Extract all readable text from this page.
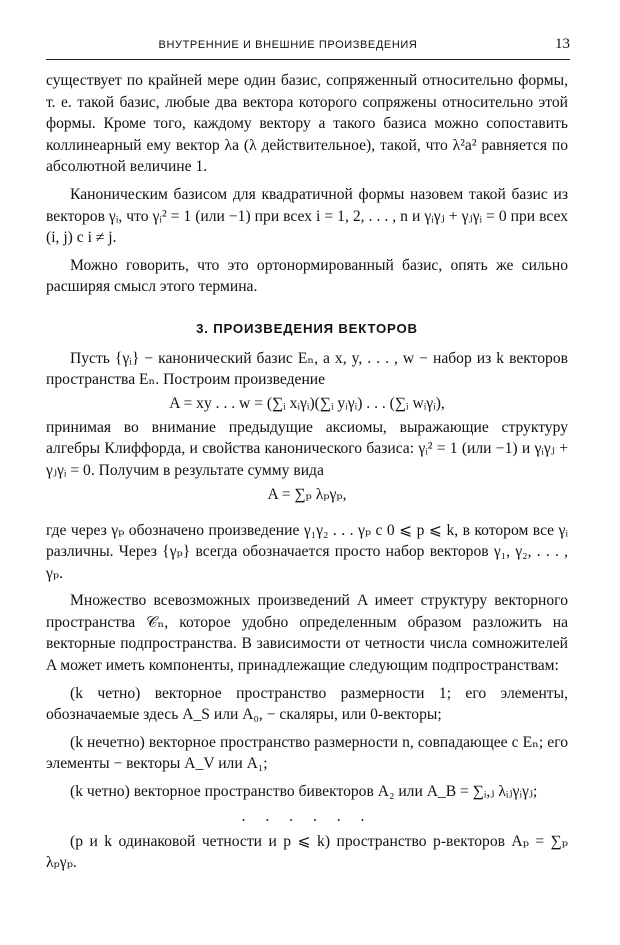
ВНУТРЕННИЕ И ВНЕШНИЕ ПРОИЗВЕДЕНИЯ	13

существует по крайней мере один базис, сопряженный относительно формы, т. е. такой базис, любые два вектора которого сопряжены относительно этой формы. Кроме того, каждому вектору a такого базиса можно сопоставить коллинеарный ему вектор λa (λ действительное), такой, что λ²a² равняется по абсолютной величине 1.

Каноническим базисом для квадратичной формы назовем такой базис из векторов γᵢ, что γᵢ² = 1 (или −1) при всех i = 1, 2, . . . , n и γᵢγⱼ + γⱼγᵢ = 0 при всех (i, j) с i ≠ j.

Можно говорить, что это ортонормированный базис, опять же сильно расширяя смысл этого термина.

3. ПРОИЗВЕДЕНИЯ ВЕКТОРОВ

Пусть {γᵢ} − канонический базис Eₙ, а x, y, . . . , w − набор из k векторов пространства Eₙ. Построим произведение

A = xy . . . w = (∑ᵢ xᵢγᵢ)(∑ᵢ yᵢγᵢ) . . . (∑ᵢ wᵢγᵢ),

принимая во внимание предыдущие аксиомы, выражающие структуру алгебры Клиффорда, и свойства канонического базиса: γᵢ² = 1 (или −1) и γᵢγⱼ + γⱼγᵢ = 0. Получим в результате сумму вида

A = ∑ₚ λₚγₚ,

где через γₚ обозначено произведение γ₁γ₂ . . . γₚ с 0 ⩽ p ⩽ k, в котором все γᵢ различны. Через {γₚ} всегда обозначается просто набор векторов γ₁, γ₂, . . . , γₚ.

Множество всевозможных произведений A имеет структуру векторного пространства 𝒞ₙ, которое удобно определенным образом разложить на векторные подпространства. В зависимости от четности числа сомножителей A может иметь компоненты, принадлежащие следующим подпространствам:

(k четно) векторное пространство размерности 1; его элементы, обозначаемые здесь A_S или A₀, − скаляры, или 0-векторы;

(k нечетно) векторное пространство размерности n, совпадающее с Eₙ; его элементы − векторы A_V или A₁;

(k четно) векторное пространство бивекторов A₂ или A_B = ∑ᵢ,ⱼ λᵢⱼγᵢγⱼ;

. . . . . .

(p и k одинаковой четности и p ⩽ k) пространство p-векторов Aₚ = ∑ₚ λₚγₚ.
